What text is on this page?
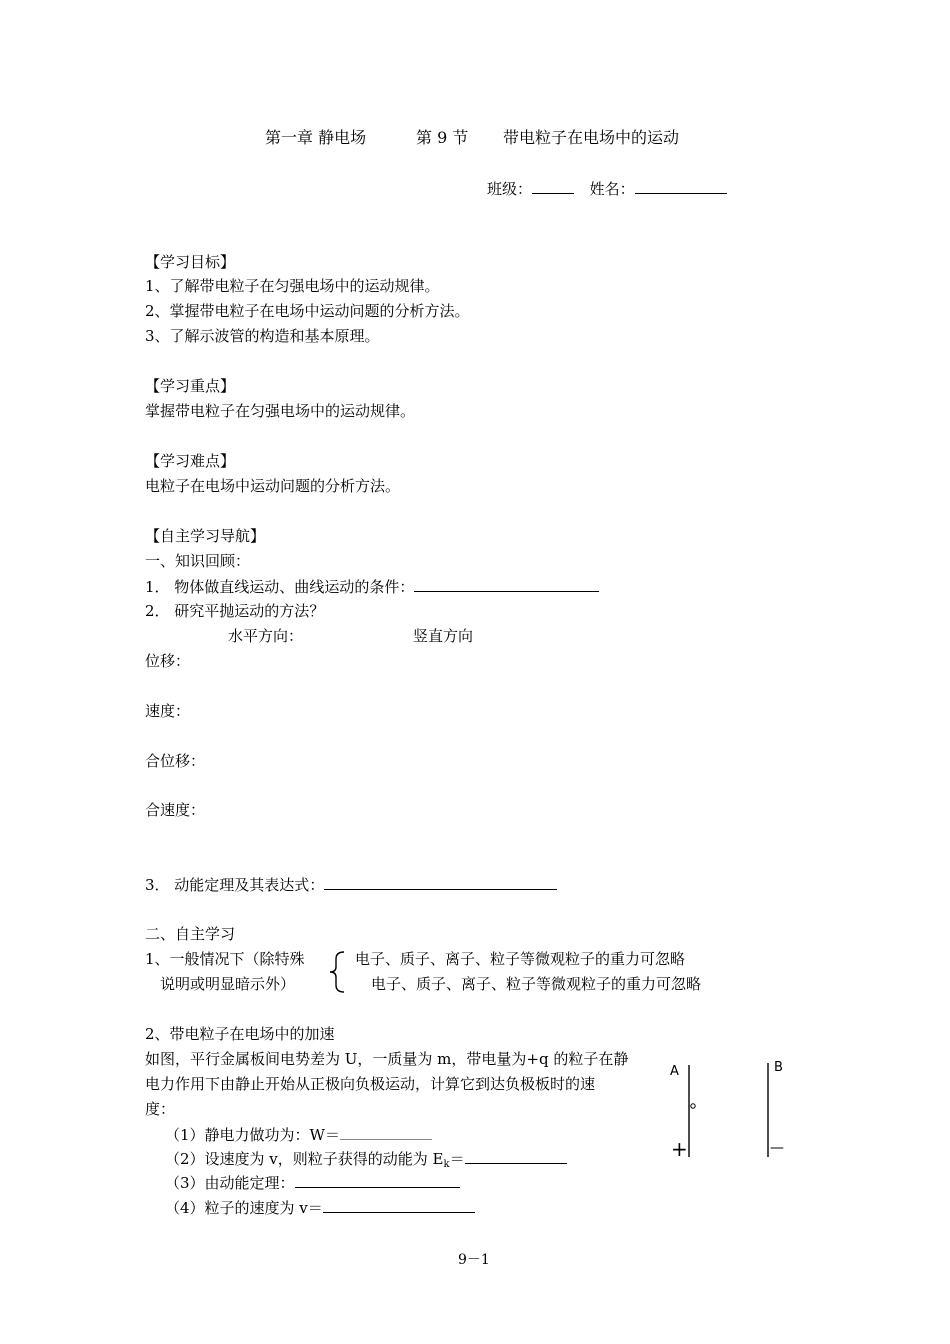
第一章 静电场	第 9 节 带电粒子在电场中的运动
班级：	姓名：
【学习目标】
1、了解带电粒子在匀强电场中的运动规律。
2、掌握带电粒子在电场中运动问题的分析方法。
3、了解示波管的构造和基本原理。
【学习重点】
掌握带电粒子在匀强电场中的运动规律。
【学习难点】
电粒子在电场中运动问题的分析方法。
【自主学习导航】
一、知识回顾：
1． 物体做直线运动、曲线运动的条件：
2． 研究平抛运动的方法？
水平方向：	竖直方向
位移：
速度：
合位移：
合速度：
3． 动能定理及其表达式：
二、自主学习
1、一般情况下（除特殊
说明或明显暗示外）
电子、质子、离子、粒子等微观粒子的重力可忽略
电子、质子、离子、粒子等微观粒子的重力可忽略
2、带电粒子在电场中的加速
如图，平行金属板间电势差为 U，一质量为 m，带电量为+q 的粒子在静
电力作用下由静止开始从正极向负极运动，计算它到达负极板时的速
度：
（1）静电力做功为：W＝
（2）设速度为 v，则粒子获得的动能为 $E_k=$
（3）由动能定理：
（4）粒子的速度为 v＝
A	B
+	—
9－1
